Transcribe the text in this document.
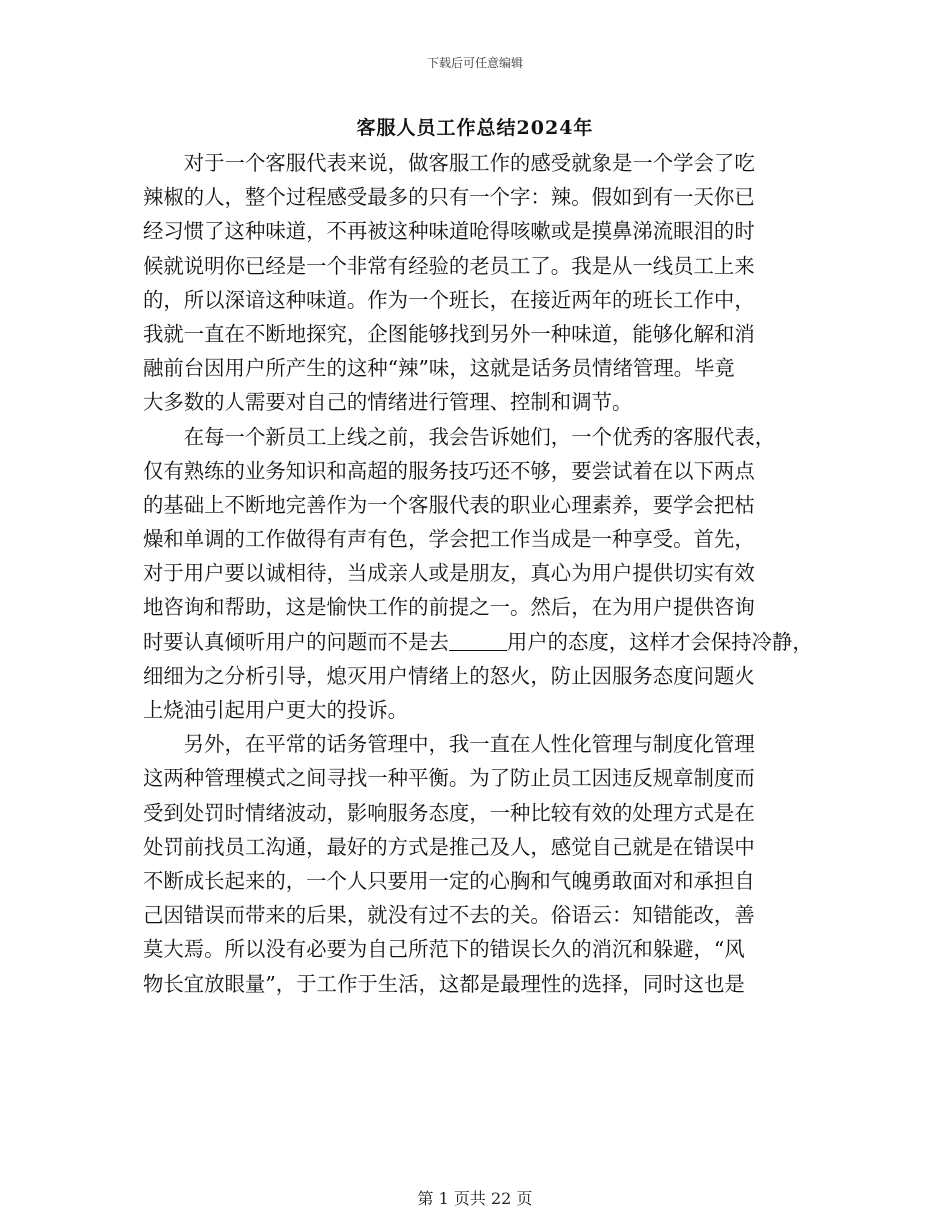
下载后可任意编辑
客服人员工作总结2024年
　　对于一个客服代表来说，做客服工作的感受就象是一个学会了吃
辣椒的人，整个过程感受最多的只有一个字：辣。假如到有一天你已
经习惯了这种味道，不再被这种味道呛得咳嗽或是摸鼻涕流眼泪的时
候就说明你已经是一个非常有经验的老员工了。我是从一线员工上来
的，所以深谙这种味道。作为一个班长，在接近两年的班长工作中，
我就一直在不断地探究，企图能够找到另外一种味道，能够化解和消
融前台因用户所产生的这种“辣”味，这就是话务员情绪管理。毕竟
大多数的人需要对自己的情绪进行管理、控制和调节。
　　在每一个新员工上线之前，我会告诉她们，一个优秀的客服代表，
仅有熟练的业务知识和高超的服务技巧还不够，要尝试着在以下两点
的基础上不断地完善作为一个客服代表的职业心理素养，要学会把枯
燥和单调的工作做得有声有色，学会把工作当成是一种享受。首先，
对于用户要以诚相待，当成亲人或是朋友，真心为用户提供切实有效
地咨询和帮助，这是愉快工作的前提之一。然后，在为用户提供咨询
时要认真倾听用户的问题而不是去	用户的态度，这样才会保持冷静，
细细为之分析引导，熄灭用户情绪上的怒火，防止因服务态度问题火
上烧油引起用户更大的投诉。
　　另外，在平常的话务管理中，我一直在人性化管理与制度化管理
这两种管理模式之间寻找一种平衡。为了防止员工因违反规章制度而
受到处罚时情绪波动，影响服务态度，一种比较有效的处理方式是在
处罚前找员工沟通，最好的方式是推己及人，感觉自己就是在错误中
不断成长起来的，一个人只要用一定的心胸和气魄勇敢面对和承担自
己因错误而带来的后果，就没有过不去的关。俗语云：知错能改，善
莫大焉。所以没有必要为自己所范下的错误长久的消沉和躲避，“风
物长宜放眼量”，于工作于生活，这都是最理性的选择，同时这也是
第 1 页共 22 页
